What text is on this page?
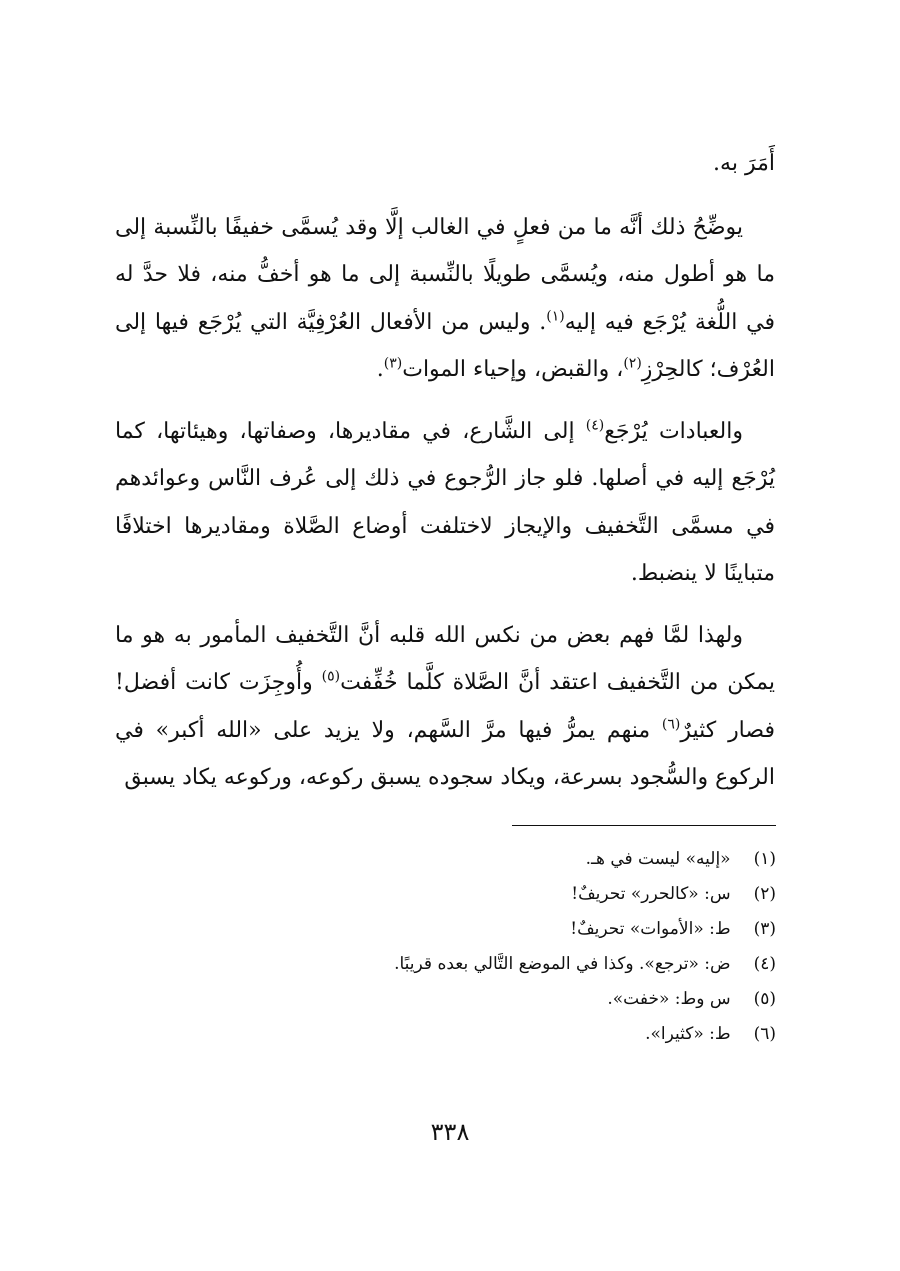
أَمَرَ به.

يوضِّحُ ذلك أنَّه ما من فعلٍ في الغالب إلَّا وقد يُسمَّى خفيفًا بالنِّسبة إلى ما هو أطول منه، ويُسمَّى طويلًا بالنِّسبة إلى ما هو أخفُّ منه، فلا حدَّ له في اللُّغة يُرْجَع فيه إليه$^{(١)}$. وليس من الأفعال العُرْفِيَّة التي يُرْجَع فيها إلى العُرْف؛ كالحِرْزِ$^{(٢)}$، والقبض، وإحياء الموات$^{(٣)}$.

والعبادات يُرْجَع$^{(٤)}$ إلى الشَّارع، في مقاديرها، وصفاتها، وهيئاتها، كما يُرْجَع إليه في أصلها. فلو جاز الرُّجوع في ذلك إلى عُرف النَّاس وعوائدهم في مسمَّى التَّخفيف والإيجاز لاختلفت أوضاع الصَّلاة ومقاديرها اختلافًا متباينًا لا ينضبط.

ولهذا لمَّا فهم بعض من نكس الله قلبه أنَّ التَّخفيف المأمور به هو ما يمكن من التَّخفيف اعتقد أنَّ الصَّلاة كلَّما خُفِّفت$^{(٥)}$ وأُوجِزَت كانت أفضل! فصار كثيرٌ$^{(٦)}$ منهم يمرُّ فيها مرَّ السَّهم، ولا يزيد على «الله أكبر» في الركوع والسُّجود بسرعة، ويكاد سجوده يسبق ركوعه، وركوعه يكاد يسبق

(١) «إليه» ليست في هـ.
(٢) س: «كالحرر» تحريفٌ!
(٣) ط: «الأموات» تحريفٌ!
(٤) ض: «ترجع». وكذا في الموضع التَّالي بعده قريبًا.
(٥) س وط: «خفت».
(٦) ط: «كثيرا».
٣٣٨
